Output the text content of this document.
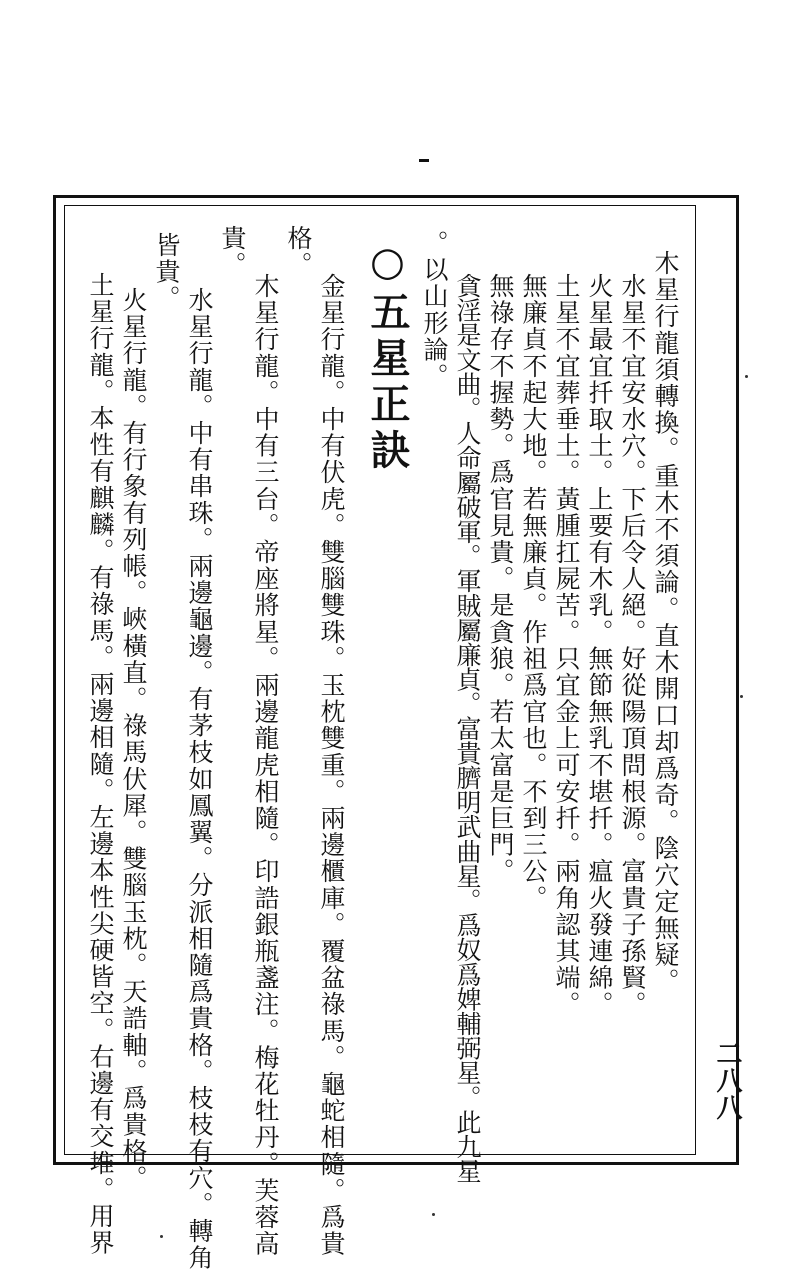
二八八
木星行龍須轉換。重木不須論。直木開口却爲奇。陰穴定無疑。
水星不宜安水穴。下后令人絕。好從陽頂問根源。富貴子孫賢。
火星最宜扦取土。上要有木乳。無節無乳不堪扦。瘟火發連綿。
土星不宜葬垂土。黃腫扛屍苦。只宜金上可安扦。兩角認其端。
無廉貞不起大地。若無廉貞。作祖爲官也。不到三公。
無祿存不握勢。爲官見貴。是貪狼。若太富是巨門。
貪淫是文曲。人命屬破軍。軍賊屬廉貞。富貴臍明武曲星。爲奴爲婢輔弼星。此九星
。以山形論。
○五星正訣
金星行龍。中有伏虎。雙腦雙珠。玉枕雙重。兩邊櫃庫。覆盆祿馬。龜蛇相隨。爲貴
格。
木星行龍。中有三台。帝座將星。兩邊龍虎相隨。印誥銀瓶盞注。梅花牡丹。芙蓉高
貴。
水星行龍。中有串珠。兩邊龜邊。有茅枝如鳳翼。分派相隨爲貴格。枝枝有穴。轉角
皆貴。
火星行龍。有行象有列帳。峽橫直。祿馬伏犀。雙腦玉枕。天誥軸。爲貴格。
土星行龍。本性有麒麟。有祿馬。兩邊相隨。左邊本性尖硬皆空。右邊有交堆。用界
